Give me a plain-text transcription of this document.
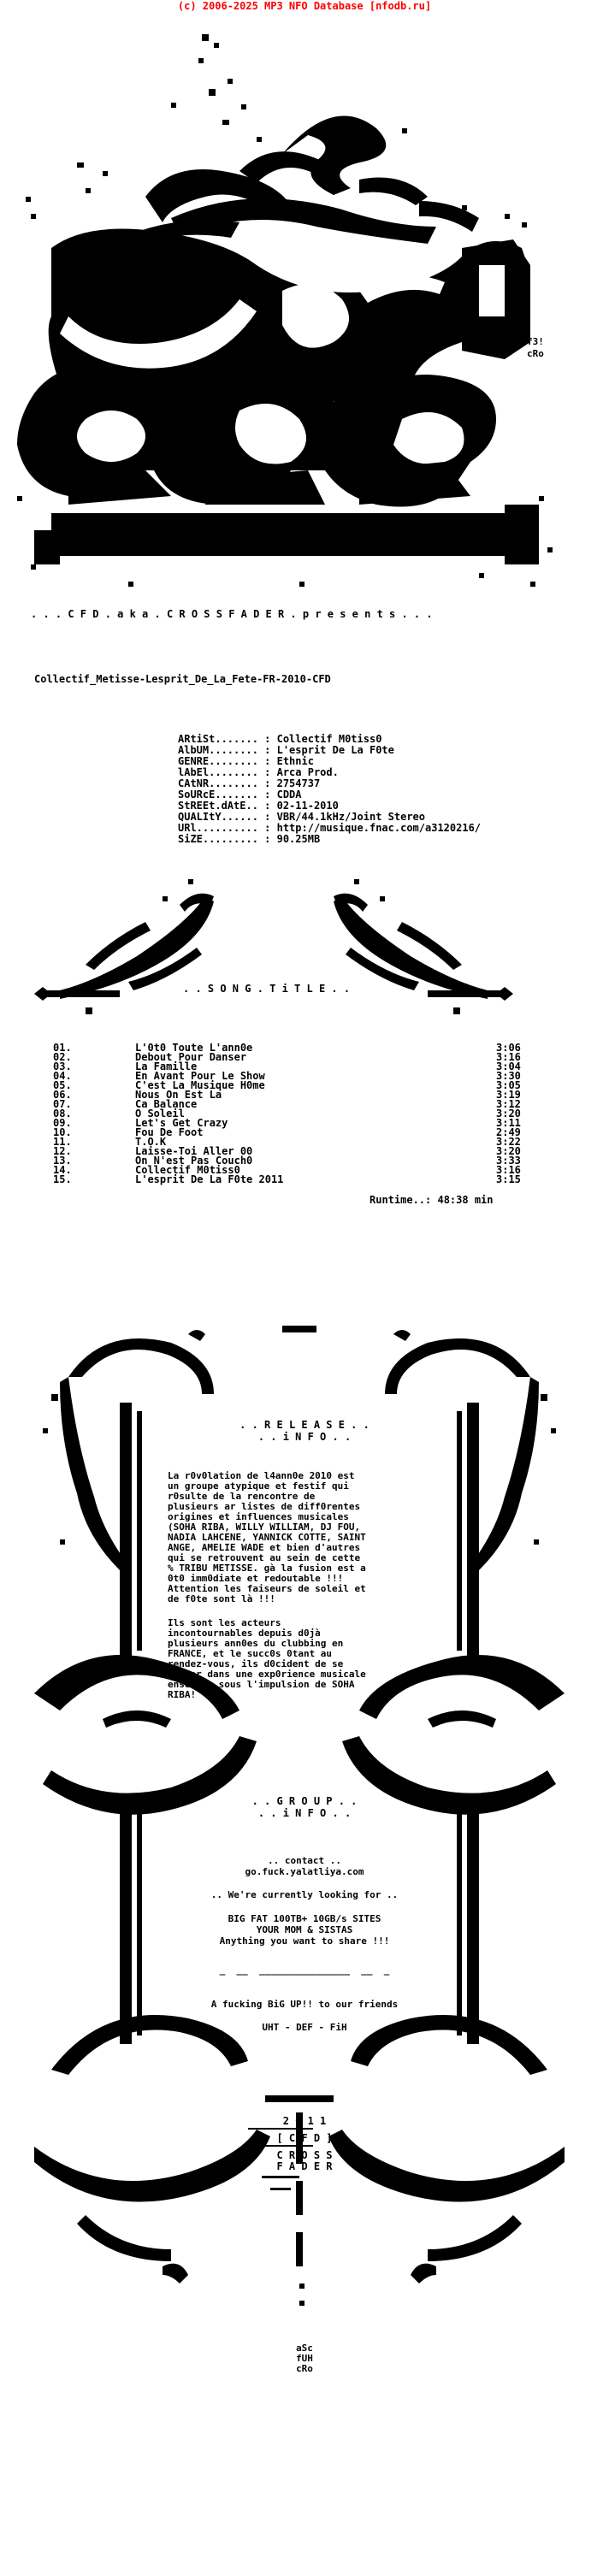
(c) 2006-2025 MP3 NFO Database [nfodb.ru]
f3!
cRo
. . . C F D . a k a . C R O S S F A D E R . p r e s e n t s . . .
Collectif_Metisse-Lesprit_De_La_Fete-FR-2010-CFD
ARtiSt....... : Collectif M0tiss0
AlbUM........ : L'esprit De La F0te
GENRE........ : Ethnic
lAbEl........ : Arca Prod.
CAtNR........ : 2754737
SoURcE....... : CDDA
StREEt.dAtE.. : 02-11-2010
QUALItY...... : VBR/44.1kHz/Joint Stereo
URl.......... : http://musique.fnac.com/a3120216/
SiZE......... : 90.25MB
. . S O N G . T i T L E . .
01.	L'0t0 Toute L'ann0e	3:06
02.	Debout Pour Danser	3:16
03.	La Famille	3:04
04.	En Avant Pour Le Show	3:30
05.	C'est La Musique H0me	3:05
06.	Nous On Est La	3:19
07.	Ca Balance	3:12
08.	O Soleil	3:20
09.	Let's Get Crazy	3:11
10.	Fou De Foot	2:49
11.	T.O.K	3:22
12.	Laisse-Toi Aller 00	3:20
13.	On N'est Pas Couch0	3:33
14.	Collectif M0tiss0	3:16
15.	L'esprit De La F0te 2011	3:15
Runtime..: 48:38 min
. . R E L E A S E . .
. . i N F O . .
La r0v0lation de l4ann0e 2010 est
un groupe atypique et festif qui
r0sulte de la rencontre de
plusieurs ar listes de diff0rentes
origines et influences musicales
(SOHA RIBA, WILLY WILLIAM, DJ FOU,
NADIA LAHCENE, YANNICK COTTE, SAINT
ANGE, AMELIE WADE et bien d'autres
qui se retrouvent au sein de cette
% TRIBU METISSE. gà la fusion est a
0t0 imm0diate et redoutable !!!
Attention les faiseurs de soleil et
de f0te sont là !!!
Ils sont les acteurs
incontournables depuis d0jà
plusieurs ann0es du clubbing en
FRANCE, et le succ0s 0tant au
rendez-vous, ils d0cident de se
lancer dans une exp0rience musicale
ensemble sous l'impulsion de SOHA
RIBA!
. . G R O U P . .
. . i N F O . .
.. contact ..
go.fuck.yalatliya.com
.. We're currently looking for ..
BIG FAT 100TB+ 10GB/s SITES
YOUR MOM & SISTAS
Anything you want to share !!!
_  __  ________________  __  _
A fucking BiG UP!! to our friends
UHT - DEF - FiH
2 0 1 1
[ C F D ]
C R O S S
F A D E R
aSc
fUH
cRo
